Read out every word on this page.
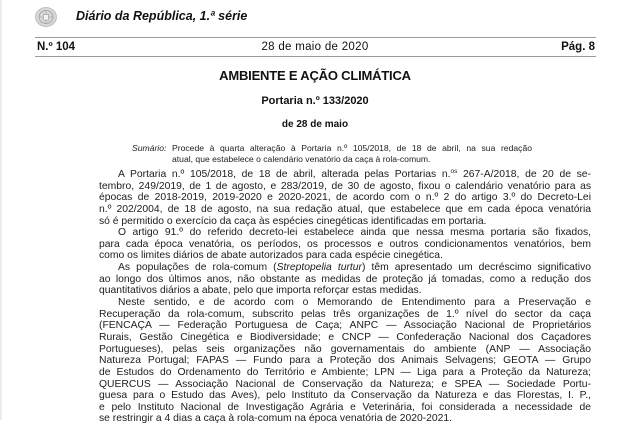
Diário da República, 1.ª série
N.º 104	28 de maio de 2020	Pág. 8
AMBIENTE E AÇÃO CLIMÁTICA
Portaria n.º 133/2020
de 28 de maio
Sumário: Procede à quarta alteração à Portaria n.º 105/2018, de 18 de abril, na sua redação
atual, que estabelece o calendário venatório da caça à rola-comum.
A Portaria n.º 105/2018, de 18 de abril, alterada pelas Portarias n.$^{os}$ 267-A/2018, de 20 de se-
tembro, 249/2019, de 1 de agosto, e 283/2019, de 30 de agosto, fixou o calendário venatório para as
épocas de 2018-2019, 2019-2020 e 2020-2021, de acordo com o n.º 2 do artigo 3.º do Decreto-Lei
n.º 202/2004, de 18 de agosto, na sua redação atual, que estabelece que em cada época venatória
só é permitido o exercício da caça às espécies cinegéticas identificadas em portaria.
O artigo 91.º do referido decreto-lei estabelece ainda que nessa mesma portaria são fixados,
para cada época venatória, os períodos, os processos e outros condicionamentos venatórios, bem
como os limites diários de abate autorizados para cada espécie cinegética.
As populações de rola-comum (Streptopelia turtur) têm apresentado um decréscimo significativo
ao longo dos últimos anos, não obstante as medidas de proteção já tomadas, como a redução dos
quantitativos diários a abate, pelo que importa reforçar estas medidas.
Neste sentido, e de acordo com o Memorando de Entendimento para a Preservação e
Recuperação da rola-comum, subscrito pelas três organizações de 1.º nível do sector da caça
(FENCAÇA — Federação Portuguesa de Caça; ANPC — Associação Nacional de Proprietários
Rurais, Gestão Cinegética e Biodiversidade; e CNCP — Confederação Nacional dos Caçadores
Portugueses), pelas seis organizações não governamentais do ambiente (ANP — Associação
Natureza Portugal; FAPAS — Fundo para a Proteção dos Animais Selvagens; GEOTA — Grupo
de Estudos do Ordenamento do Território e Ambiente; LPN — Liga para a Proteção da Natureza;
QUERCUS — Associação Nacional de Conservação da Natureza; e SPEA — Sociedade Portu-
guesa para o Estudo das Aves), pelo Instituto da Conservação da Natureza e das Florestas, I. P.,
e pelo Instituto Nacional de Investigação Agrária e Veterinária, foi considerada a necessidade de
se restringir a 4 dias a caça à rola-comum na época venatória de 2020-2021.
